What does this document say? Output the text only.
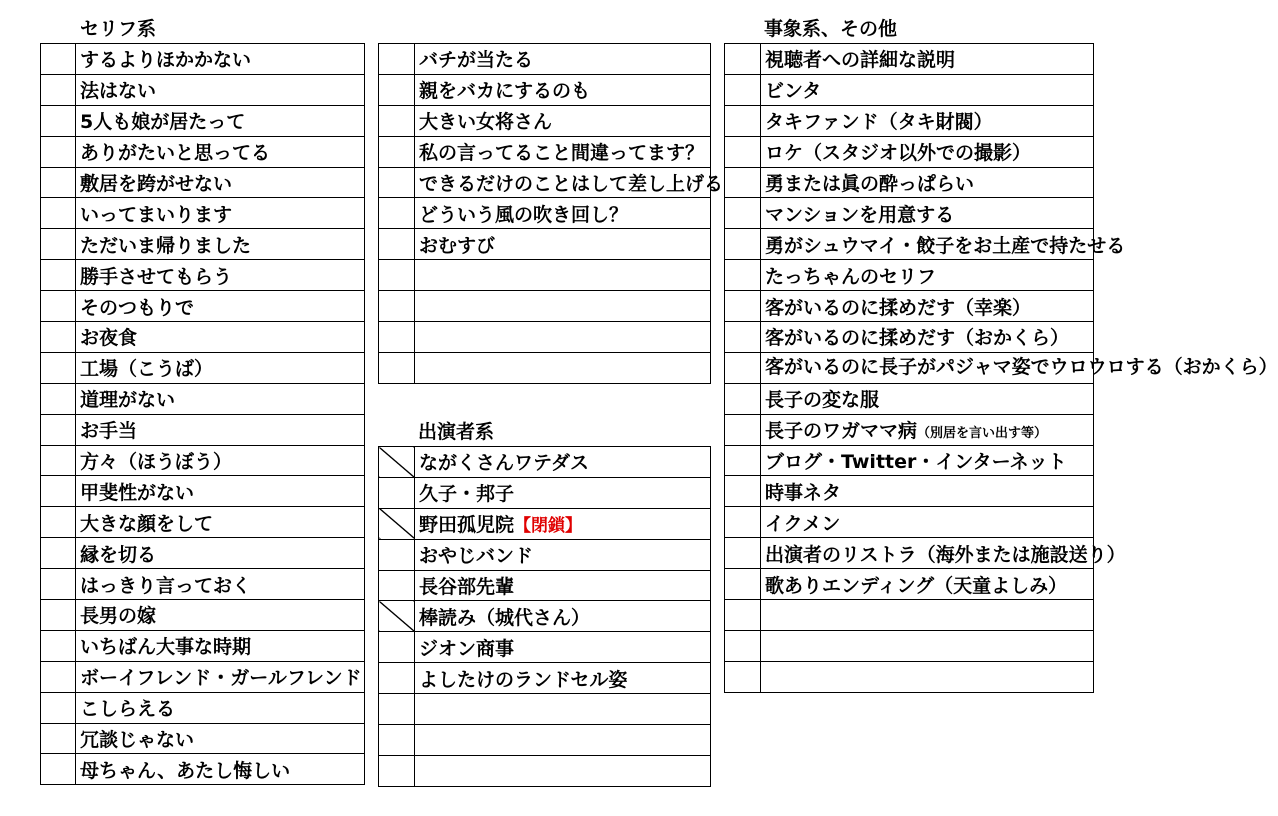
セリフ系
出演者系
事象系、その他
	するよりほかかない
	法はない
	5人も娘が居たって
	ありがたいと思ってる
	敷居を跨がせない
	いってまいります
	ただいま帰りました
	勝手させてもらう
	そのつもりで
	お夜食
	工場（こうば）
	道理がない
	お手当
	方々（ほうぼう）
	甲斐性がない
	大きな顔をして
	縁を切る
	はっきり言っておく
	長男の嫁
	いちばん大事な時期
	ボーイフレンド・ガールフレンド
	こしらえる
	冗談じゃない
	母ちゃん、あたし悔しい
	バチが当たる
	親をバカにするのも
	大きい女将さん
	私の言ってること間違ってます？
	できるだけのことはして差し上げる
	どういう風の吹き回し？
	おむすび

	ながくさんワテダス
	久子・邦子
	野田孤児院【閉鎖】
	おやじバンド
	長谷部先輩
	棒読み（城代さん）
	ジオン商事
	よしたけのランドセル姿

	視聴者への詳細な説明
	ビンタ
	タキファンド（タキ財閥）
	ロケ（スタジオ以外での撮影）
	勇または眞の酔っぱらい
	マンションを用意する
	勇がシュウマイ・餃子をお土産で持たせる
	たっちゃんのセリフ
	客がいるのに揉めだす（幸楽）
	客がいるのに揉めだす（おかくら）
	客がいるのに長子がパジャマ姿でウロウロする（おかくら）
	長子の変な服
	長子のワガママ病（別居を言い出す等）
	ブログ・Twitter・インターネット
	時事ネタ
	イクメン
	出演者のリストラ（海外または施設送り）
	歌ありエンディング（天童よしみ）
